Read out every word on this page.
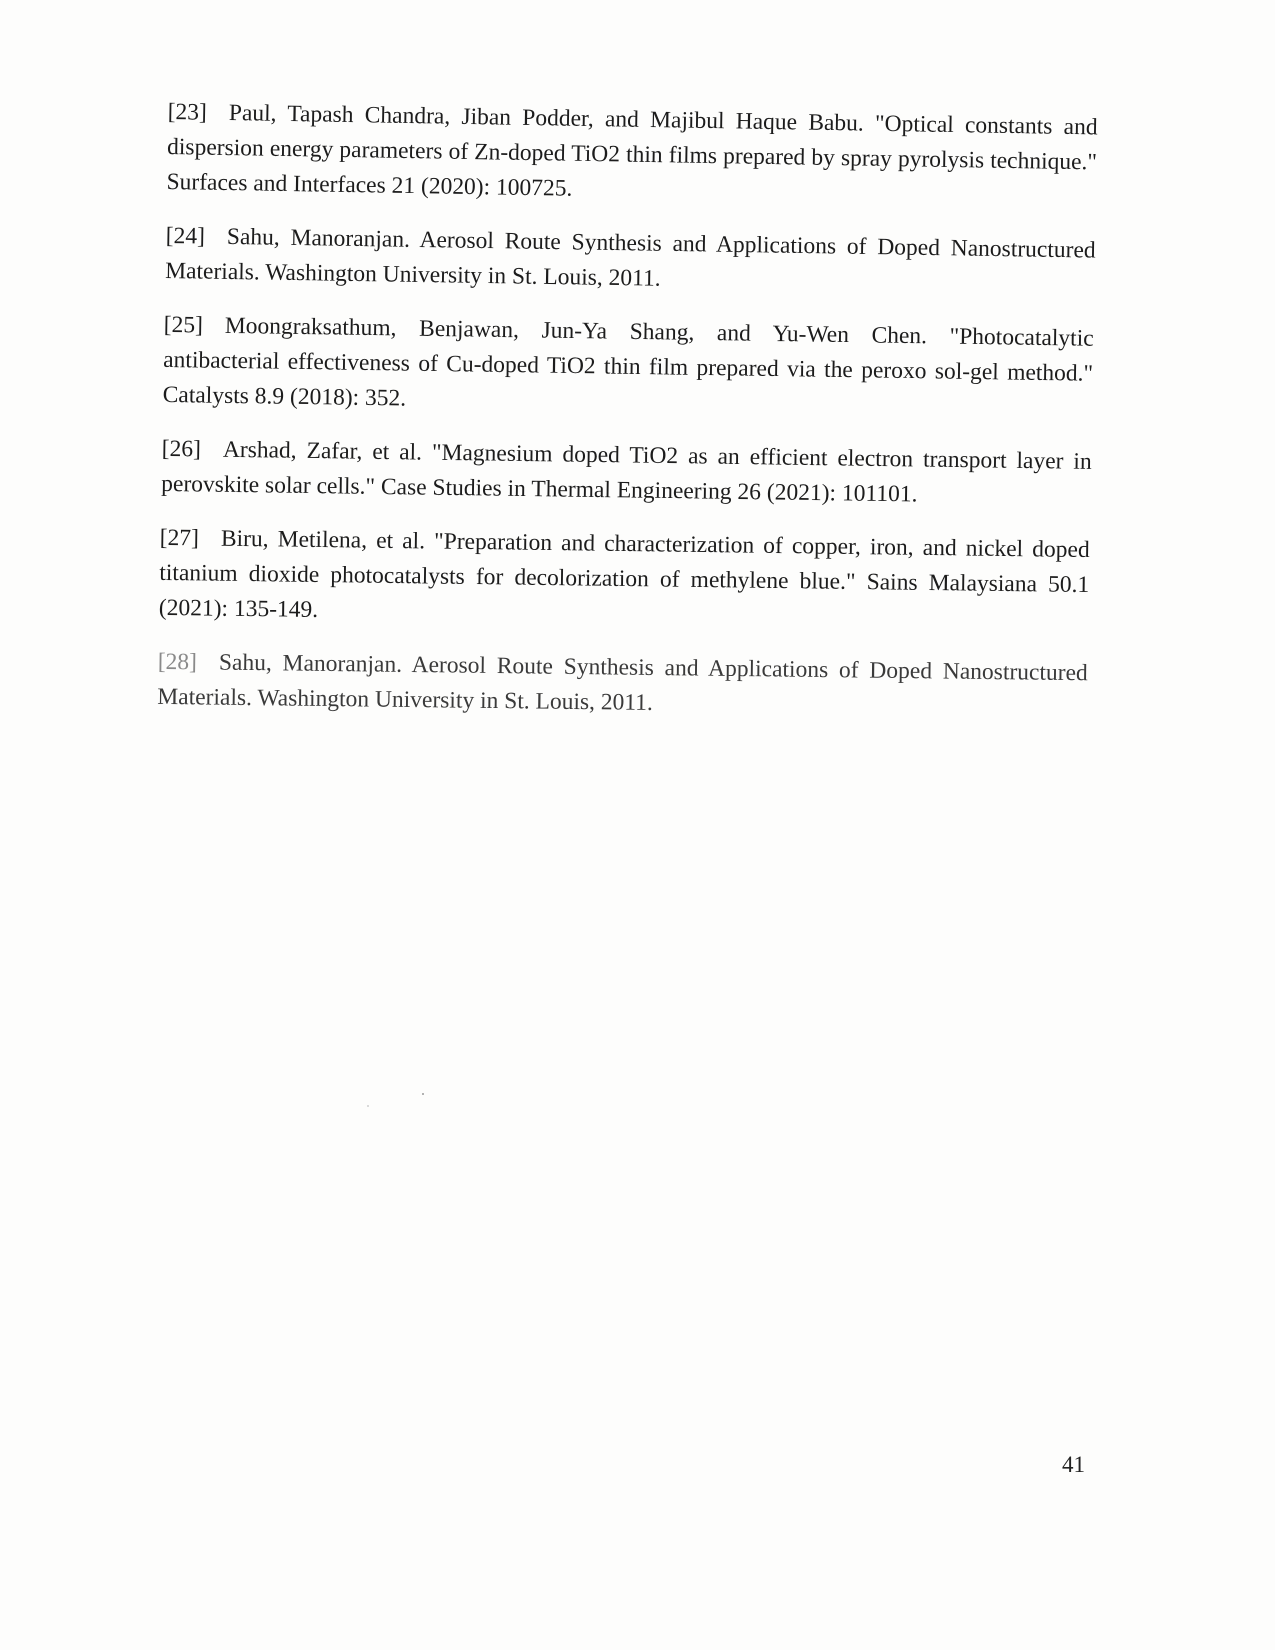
[23] Paul, Tapash Chandra, Jiban Podder, and Majibul Haque Babu. "Optical constants and dispersion energy parameters of Zn-doped TiO2 thin films prepared by spray pyrolysis technique." Surfaces and Interfaces 21 (2020): 100725.
[24] Sahu, Manoranjan. Aerosol Route Synthesis and Applications of Doped Nanostructured Materials. Washington University in St. Louis, 2011.
[25] Moongraksathum, Benjawan, Jun-Ya Shang, and Yu-Wen Chen. "Photocatalytic antibacterial effectiveness of Cu-doped TiO2 thin film prepared via the peroxo sol-gel method." Catalysts 8.9 (2018): 352.
[26] Arshad, Zafar, et al. "Magnesium doped TiO2 as an efficient electron transport layer in perovskite solar cells." Case Studies in Thermal Engineering 26 (2021): 101101.
[27] Biru, Metilena, et al. "Preparation and characterization of copper, iron, and nickel doped titanium dioxide photocatalysts for decolorization of methylene blue." Sains Malaysiana 50.1 (2021): 135-149.
[28] Sahu, Manoranjan. Aerosol Route Synthesis and Applications of Doped Nanostructured Materials. Washington University in St. Louis, 2011.
41
